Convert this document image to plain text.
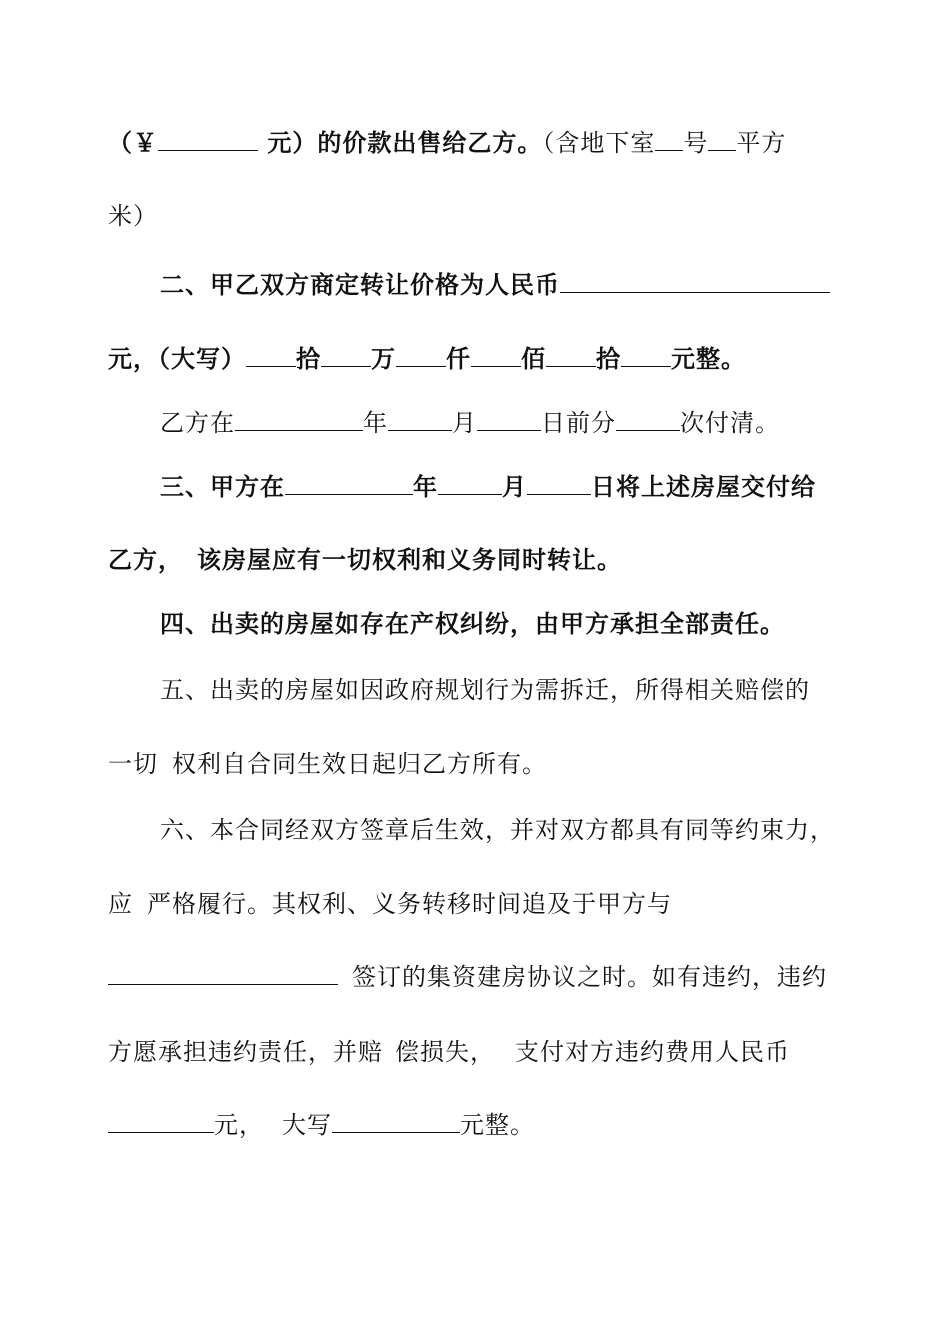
（￥	元）的价款出售给乙方。（含地下室 号 平方
米）
二、甲乙双方商定转让价格为人民币
元，（大写） 拾 万 仟 佰 拾 元整。
乙方在	年	月	日前分	次付清。
三、甲方在	年	月	日将上述房屋交付给
乙方， 该房屋应有一切权利和义务同时转让。
四、出卖的房屋如存在产权纠纷，由甲方承担全部责任。
五、出卖的房屋如因政府规划行为需拆迁，所得相关赔偿的
一切 权利自合同生效日起归乙方所有。
六、本合同经双方签章后生效，并对双方都具有同等约束力，
应 严格履行。其权利、义务转移时间追及于甲方与
签订的集资建房协议之时。如有违约，违约
方愿承担违约责任，并赔 偿损失， 支付对方违约费用人民币
元， 大写	元整。
